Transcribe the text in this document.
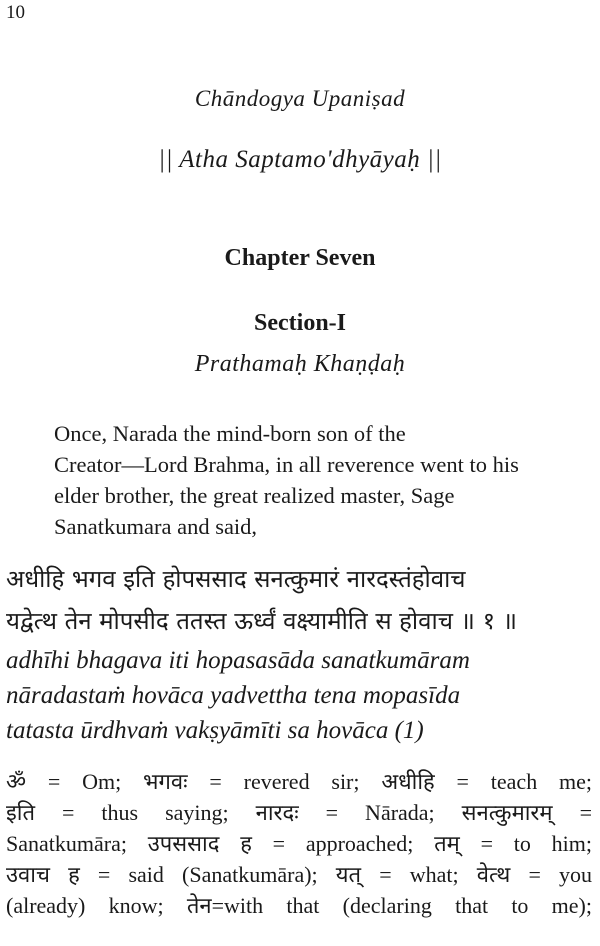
10
Chāndogya Upaniṣad
|| Atha Saptamo'dhyāyaḥ ||
Chapter Seven
Section-I
Prathamaḥ Khaṇḍaḥ
Once, Narada the mind-born son of the
Creator—Lord Brahma, in all reverence went to his
elder brother, the great realized master, Sage
Sanatkumara and said,
अधीहि भगव इति होपससाद सनत्कुमारं नारदस्तंहोवाच
यद्वेत्थ तेन मोपसीद ततस्त ऊर्ध्वं वक्ष्यामीति स होवाच ॥ १ ॥
adhīhi bhagava iti hopasasāda sanatkumāram
nāradastaṁ hovāca yadvettha tena mopasīda
tatasta ūrdhvaṁ vakṣyāmīti sa hovāca (1)
ॐ = Om; भगवः = revered sir; अधीहि = teach me;
इति = thus saying; नारदः = Nārada; सनत्कुमारम् =
Sanatkumāra; उपससाद ह = approached; तम् = to him;
उवाच ह = said (Sanatkumāra); यत् = what; वेत्थ = you
(already) know; तेन=with that (declaring that to me);
